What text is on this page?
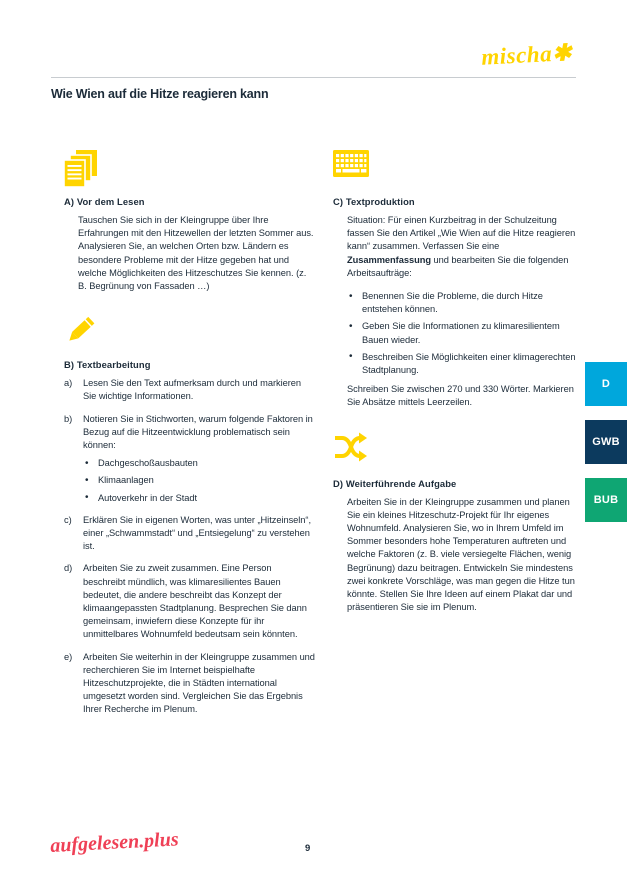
mischa✱
Wie Wien auf die Hitze reagieren kann
A) Vor dem Lesen

Tauschen Sie sich in der Kleingruppe über Ihre Erfahrungen mit den Hitzewellen der letzten Sommer aus. Analysieren Sie, an welchen Orten bzw. Ländern es besondere Probleme mit der Hitze gegeben hat und welche Möglichkeiten des Hitzeschutzes Sie kennen. (z. B. Begrünung von Fassaden …)

B) Textbearbeitung
a)	Lesen Sie den Text aufmerksam durch und markieren Sie wichtige Informationen.
b)	Notieren Sie in Stichworten, warum folgende Faktoren in Bezug auf die Hitzeentwicklung problematisch sein können:
• Dachgeschoßausbauten
• Klimaanlagen
• Autoverkehr in der Stadt
c)	Erklären Sie in eigenen Worten, was unter „Hitzeinseln“, einer „Schwammstadt“ und „Entsiegelung“ zu verstehen ist.
d)	Arbeiten Sie zu zweit zusammen. Eine Person beschreibt mündlich, was klimaresilientes Bauen bedeutet, die andere beschreibt das Konzept der klimaangepassten Stadtplanung. Besprechen Sie dann gemeinsam, inwiefern diese Konzepte für ihr unmittelbares Wohnumfeld bedeutsam sein könnten.
e)	Arbeiten Sie weiterhin in der Kleingruppe zusammen und recherchieren Sie im Internet beispielhafte Hitzeschutzprojekte, die in Städten international umgesetzt worden sind. Vergleichen Sie das Ergebnis Ihrer Recherche im Plenum.
C) Textproduktion

Situation: Für einen Kurzbeitrag in der Schulzeitung fassen Sie den Artikel „Wie Wien auf die Hitze reagieren kann“ zusammen. Verfassen Sie eine Zusammenfassung und bearbeiten Sie die folgenden Arbeitsaufträge:

• Benennen Sie die Probleme, die durch Hitze entstehen können.
• Geben Sie die Informationen zu klimaresilientem Bauen wieder.
• Beschreiben Sie Möglichkeiten einer klimagerechten Stadtplanung.

Schreiben Sie zwischen 270 und 330 Wörter. Markieren Sie Absätze mittels Leerzeilen.

D) Weiterführende Aufgabe

Arbeiten Sie in der Kleingruppe zusammen und planen Sie ein kleines Hitzeschutz-Projekt für Ihr eigenes Wohnumfeld. Analysieren Sie, wo in Ihrem Umfeld im Sommer besonders hohe Temperaturen auftreten und welche Faktoren (z. B. viele versiegelte Flächen, wenig Begrünung) dazu beitragen. Entwickeln Sie mindestens zwei konkrete Vorschläge, was man gegen die Hitze tun könnte. Stellen Sie Ihre Ideen auf einem Plakat dar und präsentieren Sie sie im Plenum.

D
GWB
BUB
aufgelesen.plus	9
